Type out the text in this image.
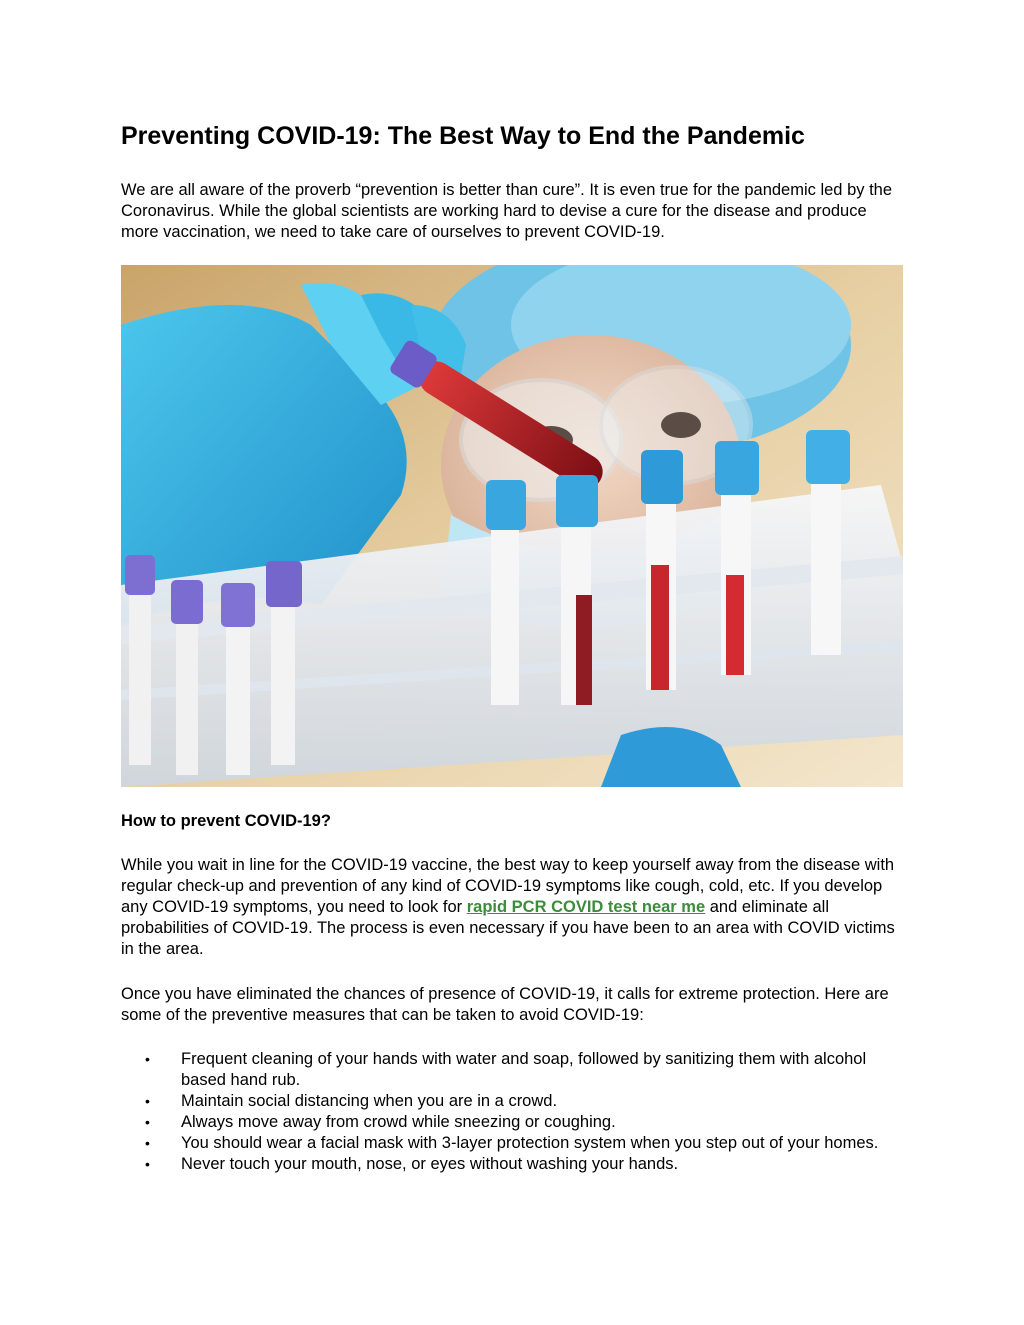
Preventing COVID-19: The Best Way to End the Pandemic

We are all aware of the proverb “prevention is better than cure”. It is even true for the pandemic led by the Coronavirus. While the global scientists are working hard to devise a cure for the disease and produce more vaccination, we need to take care of ourselves to prevent COVID-19.

How to prevent COVID-19?

While you wait in line for the COVID-19 vaccine, the best way to keep yourself away from the disease with regular check-up and prevention of any kind of COVID-19 symptoms like cough, cold, etc. If you develop any COVID-19 symptoms, you need to look for rapid PCR COVID test near me and eliminate all probabilities of COVID-19. The process is even necessary if you have been to an area with COVID victims in the area.

Once you have eliminated the chances of presence of COVID-19, it calls for extreme protection. Here are some of the preventive measures that can be taken to avoid COVID-19:

• Frequent cleaning of your hands with water and soap, followed by sanitizing them with alcohol based hand rub.
• Maintain social distancing when you are in a crowd.
• Always move away from crowd while sneezing or coughing.
• You should wear a facial mask with 3-layer protection system when you step out of your homes.
• Never touch your mouth, nose, or eyes without washing your hands.
